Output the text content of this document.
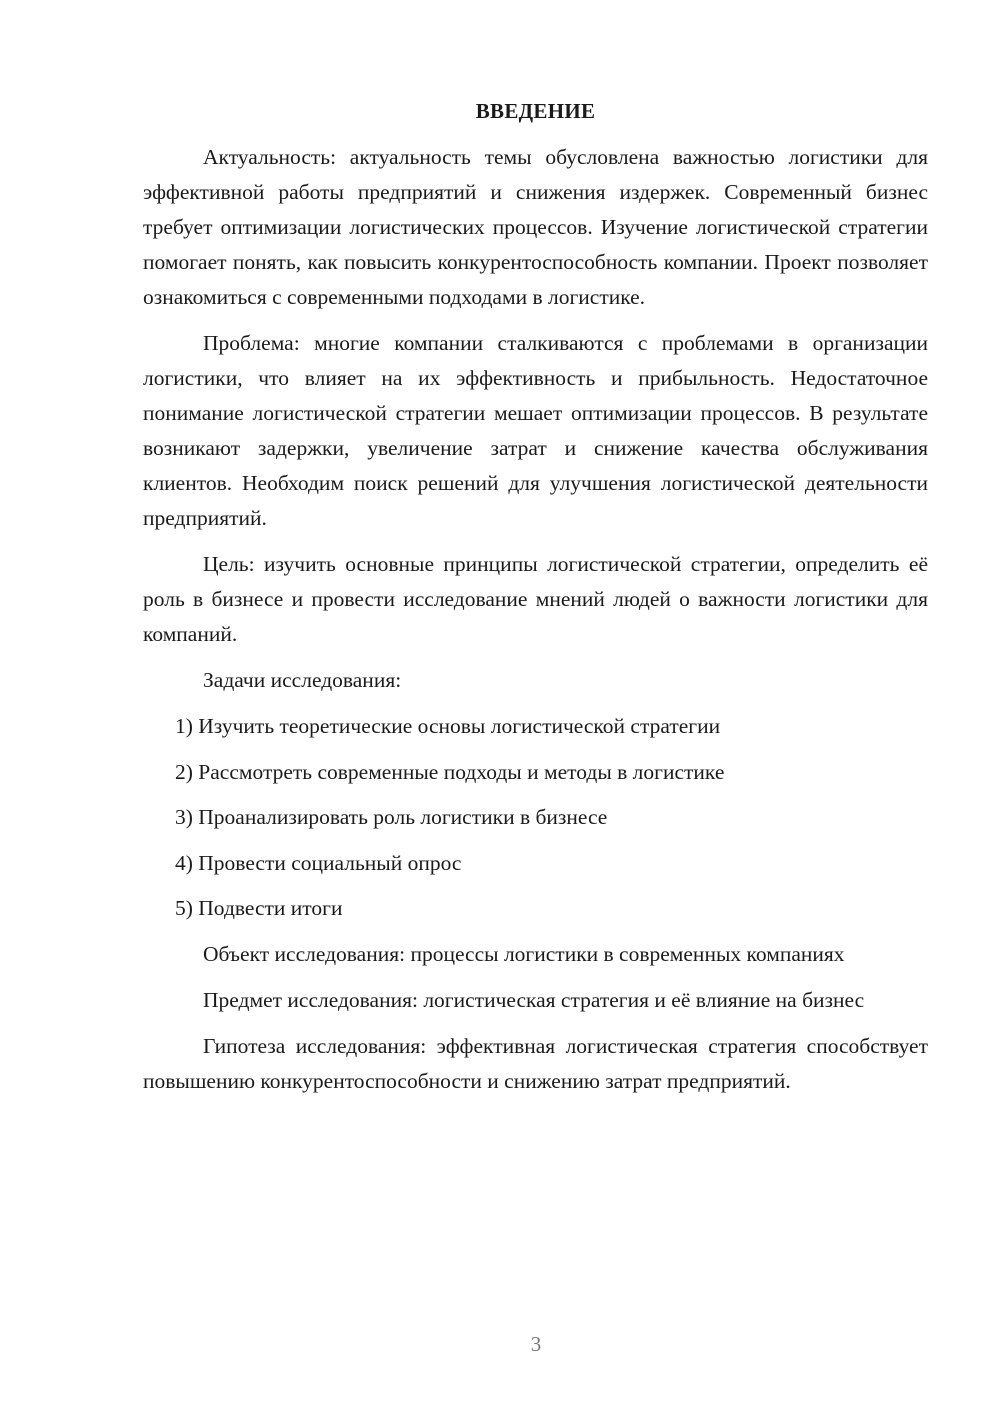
ВВЕДЕНИЕ

Актуальность: актуальность темы обусловлена важностью логистики для эффективной работы предприятий и снижения издержек. Современный бизнес требует оптимизации логистических процессов. Изучение логистической стратегии помогает понять, как повысить конкурентоспособность компании. Проект позволяет ознакомиться с современными подходами в логистике.

Проблема: многие компании сталкиваются с проблемами в организации логистики, что влияет на их эффективность и прибыльность. Недостаточное понимание логистической стратегии мешает оптимизации процессов. В результате возникают задержки, увеличение затрат и снижение качества обслуживания клиентов. Необходим поиск решений для улучшения логистической деятельности предприятий.

Цель: изучить основные принципы логистической стратегии, определить её роль в бизнесе и провести исследование мнений людей о важности логистики для компаний.

Задачи исследования:
1) Изучить теоретические основы логистической стратегии
2) Рассмотреть современные подходы и методы в логистике
3) Проанализировать роль логистики в бизнесе
4) Провести социальный опрос
5) Подвести итоги

Объект исследования: процессы логистики в современных компаниях

Предмет исследования: логистическая стратегия и её влияние на бизнес

Гипотеза исследования: эффективная логистическая стратегия способствует повышению конкурентоспособности и снижению затрат предприятий.

3
